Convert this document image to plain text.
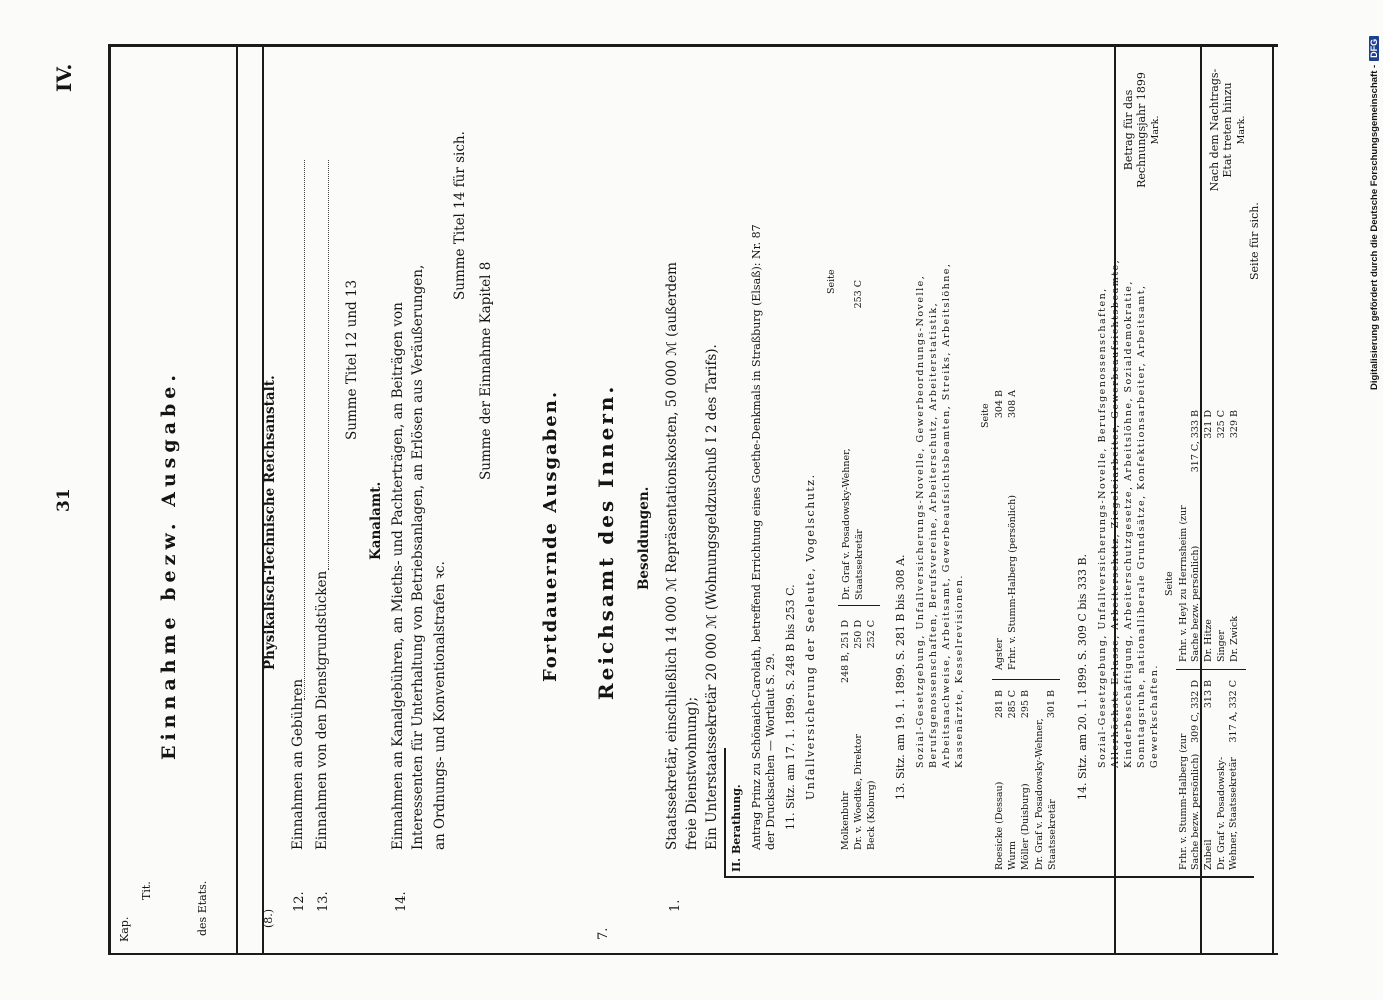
31
IV.
Kap.
Tit.	des Etats.
Betrag für das Rechnungsjahr 1899 Mark.	Nach dem Nachtrags-Etat treten hinzu Mark.
Einnahme bezw. Ausgabe.
(8.)
Physikalisch-Technische Reichsanstalt.
12.
Einnahmen an Gebühren
13.
Einnahmen von den Dienstgrundstücken
Summe Titel 12 und 13
Kanalamt.
14.
Einnahmen an Kanalgebühren, an Mieths- und Pachterträgen, an Beiträgen von Interessenten für Unterhaltung von Betriebsanlagen, an Erlösen aus Veräußerungen, an Ordnungs- und Konventionalstrafen ꝛc.
Summe Titel 14 für sich.
Summe der Einnahme Kapitel 8
Fortdauernde Ausgaben.
7.
Reichsamt des Innern. Besoldungen.
1.
Staatssekretär, einschließlich 14 000 ℳ Repräsentationskosten, 50 000 ℳ (außerdem freie Dienstwohnung); Ein Unterstaatssekretär 20 000 ℳ (Wohnungsgeldzuschuß I 2 des Tarifs). II. Berathung. Antrag Prinz zu Schönaich-Carolath, betreffend Errichtung eines Goethe-Denkmals in Straßburg (Elsaß): Nr. 87 der Drucksachen — Wortlaut S. 29. 11. Sitz. am 17. 1. 1899. S. 248 B bis 253 C. Unfallversicherung der Seeleute, Vogelschutz.
Seite
Molkenbuhr
248 B, 251 D
Dr. v. Woedtke, Direktor
250 D
Beck (Koburg)
252 C
Dr. Graf v. Posadowsky-Wehner, Staatssekretär
253 C
13. Sitz. am 19. 1. 1899. S. 281 B bis 308 A. Sozial-Gesetzgebung, Unfallversicherungs-Novelle, Gewerbeordnungs-Novelle, Berufsgenossenschaften, Berufsvereine, Arbeiterschutz, Arbeiterstatistik, Arbeitsnachweise, Arbeitsamt, Gewerbeaufsichtsbeamten, Streiks, Arbeitslöhne, Kassenärzte, Kesselrevisionen.
Seite
Roesicke (Dessau)
281 B
Wurm
285 C
Möller (Duisburg)
295 B
Dr. Graf v. Posadowsky-Wehner, Staatssekretär
301 B
Agster
304 B
Frhr. v. Stumm-Halberg (persönlich)
308 A
14. Sitz. am 20. 1. 1899. S. 309 C bis 333 B. Sozial-Gesetzgebung, Unfallversicherungs-Novelle, Berufsgenossenschaften, Allerhöchste Erlasse, Arbeiterschutz, Ziegeleiarbeiter, Gewerbeaufsichtsbeamte, Kinderbeschäftigung, Arbeiterschutzgesetze, Arbeitslöhne, Sozialdemokratie, Sonntagsruhe, nationalliberale Grundsätze, Konfektionsarbeiter, Arbeitsamt, Gewerkschaften.
Seite
Frhr. v. Stumm-Halberg (zur Sache bezw. persönlich)
309 C, 332 D
Zubeil
313 B
Dr. Graf v. Posadowsky-Wehner, Staatssekretär
317 A, 332 C
Frhr. v. Heyl zu Herrnsheim (zur Sache bezw. persönlich)
317 C, 333 B
Dr. Hitze
321 D
Singer
325 C
Dr. Zwick
329 B
Seite für sich.	Digitalisierung gefördert durch die Deutsche Forschungsgemeinschaft -
DFG
